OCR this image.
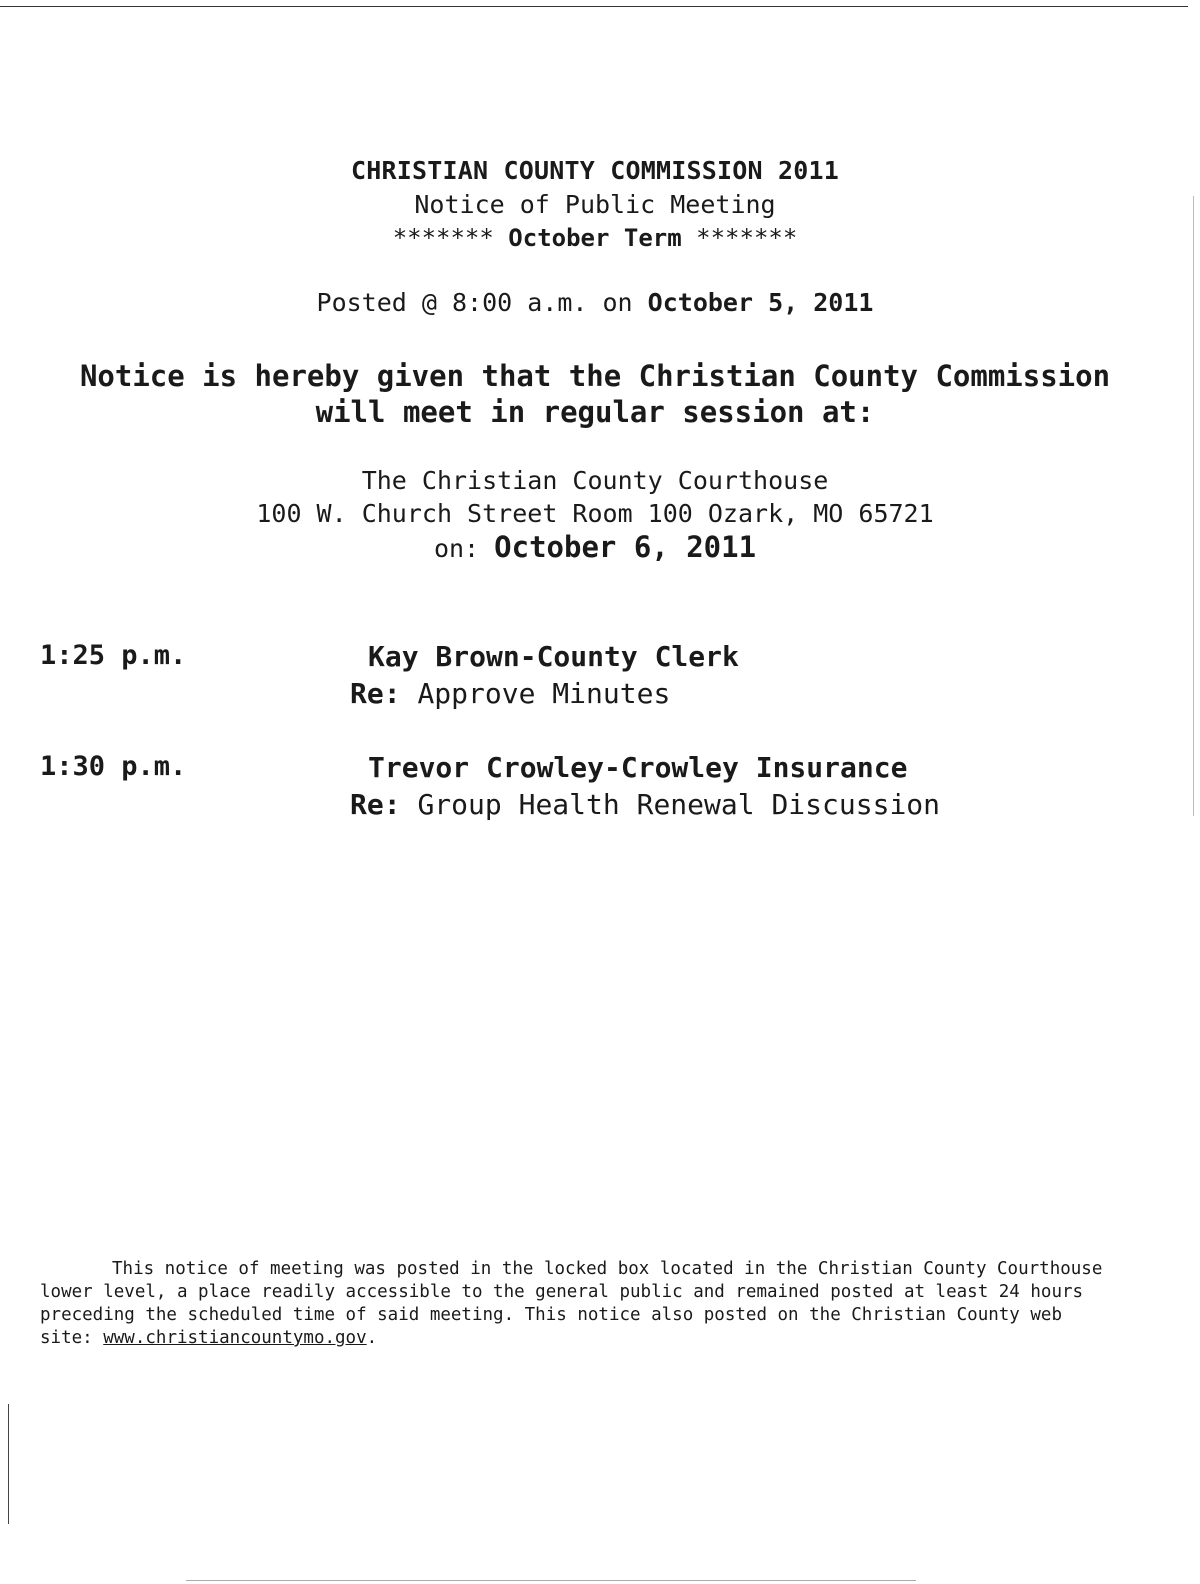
CHRISTIAN COUNTY COMMISSION 2011
Notice of Public Meeting
******* October Term *******
Posted @ 8:00 a.m. on October 5, 2011
Notice is hereby given that the Christian County Commission
will meet in regular session at:
The Christian County Courthouse
100 W. Church Street Room 100 Ozark, MO 65721
on: October 6, 2011
1:25 p.m.	Kay Brown-County Clerk
Re: Approve Minutes
1:30 p.m.	Trevor Crowley-Crowley Insurance
Re: Group Health Renewal Discussion
This notice of meeting was posted in the locked box located in the Christian County Courthouse
lower level, a place readily accessible to the general public and remained posted at least 24 hours
preceding the scheduled time of said meeting. This notice also posted on the Christian County web
site: www.christiancountymo.gov.
